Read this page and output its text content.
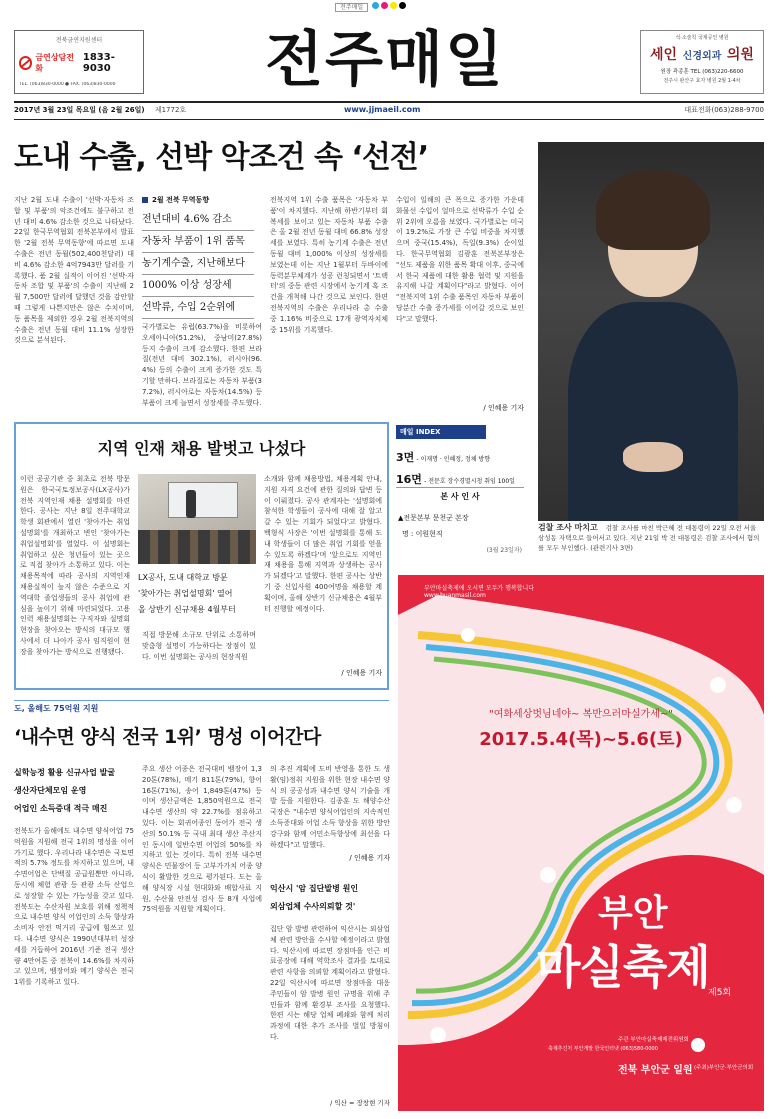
전주매일
전북금연지원센터
금연상담전화
1833-9030
TEL. (063)830-0000 ● FAX. (063)830-0000	전주매일	석·소술칙 국제공인 병원
세인 신경외과 의원
원장 곽종훈 TEL (063)220-6600
전주시 완산구 효자 병원 2월 1·4차
2017년 3월 23일 목요일 (음 2월 26일) 제1772호	www.jjmaeil.com	대표전화(063)288-9700
도내 수출, 선박 악조건 속 ‘선전’
지난 2월 도내 수출이 '선박·자동차 조합 및 부품'의 악조건에도 불구하고 전년 대비 4.6% 감소한 것으로 나타났다. 22일 한국무역협회 전북본부에서 발표한 '2월 전북 무역동향'에 따르면 도내 수출은 전년 동월(502,400천달러) 대비 4.6% 감소한 4억7943만 달러를 기록했다. 품 2월 실적이 이어진 '선박·자동차 조합 및 부품'의 수출이 지난해 2월 7,500만 달러에 달했던 것을 감안할 때 그렇게 나쁜지만은 않은 수치이며, 동 품목을 제외한 경우 2월 전북지역의 수출은 전년 동월 대비 11.1% 성장한 것으로 분석된다.
2월 전북 무역동향
전년대비 4.6% 감소
자동차 부품이 1위 품목
농기계수출, 지난해보다
1000% 이상 성장세
선박류, 수입 2순위에
국가별로는 유럽(63.7%)을 비롯하여 오세아니아(51.2%), 중남미(27.8%) 등지 수출이 크게 감소했다. 한편 브라질(전년 대비 302.1%), 러시아(96.4%) 등의 수출이 크게 증가한 것도 특기할 만하다. 브라질로는 자동차 부품(37.2%), 러시아로는 자동차(14.5%) 등 부품이 크게 늘면서 성장세를 주도했다.
전북지역 1위 수출 품목은 '자동차 부품'이 차지했다. 지난해 하반기부터 회복세를 보이고 있는 자동차 부품 수출은 올 2월 전년 동월 대비 66.8% 성장세를 보였다. 특히 농기계 수출은 전년 동월 대비 1,000% 이상의 성장세를 보였는데 이는 지난 1월부터 두바이에 동력분무체계가 성공 런칭되면서 '트랙터'의 중동 관련 시장에서 농기계 혹 조건을 개척해 나간 것으로 보인다. 한편 전북지역의 수출은 우리나라 총 수출 중 1.16% 비중으로 17개 광역자치체 중 15위를 기록했다.
수입이 일해의 큰 폭으로 증가한 가운데 화물선 수입이 얼마으로 선박류가 수입 순위 2위에 오름을 보였다. 국가별로는 미국이 19.2%로 가장 큰 수입 비중을 차지했으며 중국(15.4%), 독일(9.3%) 순이었다. 한국무역협회 김광훈 전북본부장은 "선도 제품을 위한 품목 확대 이후, 중국에서 한국 제품에 대한 활용 협력 및 지원을 유지해 나갈 계획이다"라고 밝혔다. 이어 "전북지역 1위 수출 품목인 자동차 부품이 당분간 수출 증가세를 이어갈 것으로 보인다"고 말했다.
/ 인혜용 기자
검찰 조사 마치고 검찰 조사를 마친 박근혜 전 대통령이 22일 오전 서울 삼성동 자택으로 들어서고 있다. 지난 21일 박 전 대통령은 검찰 조사에서 혐의를 모두 부인했다. (관련기사 3면)
지역 인재 채용 발벗고 나섰다
이런 공공기관 중 최초로 전북 방문 원은 한국국토정보공사(LX공사)가 전북 지역인재 채용 설명회를 마련한다. 공사는 지난 8일 전주대학교 학생 회관에서 열린 '찾아가는 취업설명회'를 개최하고 변인 '찾아가는 취업설명회'를 열었다. 이 설명회는 취업하고 싶은 청년들이 있는 곳으로 직접 찾아가 소통하고 있다. 이는 채용목적에 따라 공사의 지역인재 채용실적이 높지 않은 수준으로 지역대학 졸업생들의 공사 취업에 관심을 높이기 위해 마련되었다. 고용인력 채용설명회는 구직자와 설명회 현장을 찾아오는 방식의 대규모 행사에서 더 나아가 공사 임직원이 현장을 찾아가는 방식으로 진행됐다.
LX공사, 도내 대학교 방문
'찾아가는 취업설명회' 열어
올 상반기 신규채용 4월부터
직접 방문해 소규모 단위로 소통하며 맞춤형 설명이 가능하다는 장점이 있다. 이번 설명회는 공사의 현장직원
소개와 함께 채용방법, 채용계획 안내, 지원 자격 요건에 관한 질의와 답변 등이 이뤄졌다. 공사 관계자는 '설명회에 참석한 학생들이 공사에 대해 잘 알고 갈 수 있는 기회가 되었다'고 밝혔다. 백형식 사장은 '이번 설명회를 통해 도내 학생들이 더 많은 취업 기회를 얻을 수 있도록 하겠다'며 '앞으로도 지역인재 채용을 통해 지역과 상생하는 공사가 되겠다'고 말했다. 한편 공사는 상반기 중 신입사원 400여명을 채용할 계획이며, 올해 상반기 신규채용은 4월부터 진행할 예정이다.
/ 인혜용 기자
매일 INDEX
3면 - 이재명 · 인혜정, 정체 방향
16면 - 전문호 장수경멸시청 취임 100일
본 사 인 사
▲전문본부 문천군 본장
명 : 이원현직
(3월 23일자)
도, 올해도 75억원 지원
‘내수면 양식 전국 1위’ 명성 이어간다
실학능정 활용 신규사업 발굴
생산자단체모임 운영
어업인 소득증대 적극 매진
전북도가 올해에도 내수면 양식어업 75억원을 지원해 전국 1위의 명성을 이어가기로 했다. 우리나라 내수면은 국토면적의 5.7% 정도를 차지하고 있으며, 내수면어업은 단백질 공급원뿐만 아니라, 동시에 체험 관광 등 관광 소득 산업으로 성장할 수 있는 가능성을 갖고 있다. 전북도는 수산자원 보호를 위해 정책적으로 내수면 양식 어업인의 소득 향상과 소비자 안전 먹거리 공급에 힘쓰고 있다. 내수면 양식은 1990년대부터 성장세를 거듭하여 2016년 기준 전국 생산량 4만여톤 중 전북이 14.6%를 차지하고 있으며, 뱀장어와 메기 양식은 전국 1위를 기록하고 있다.
주요 생산 어종은 전국대비 뱀장어 1,320톤(78%), 메기 811톤(79%), 향어 16톤(71%), 송어 1,849톤(47%) 등이며 생산금액은 1,850억원으로 전국 내수면 생산의 약 22.7%를 점유하고 있다. 이는 회귀어종인 동어가 전국 생산의 50.1% 등 국내 최대 생산 주산지인 동시에 일반수면 어업의 50%를 차지하고 있는 것이다. 특히 전북 내수면 양식은 민물장어 등 고부가가치 어종 양식이 활발한 것으로 평가된다. 도는 올해 양식장 시설 현대화와 배합사료 지원, 수산물 안전성 검사 등 8개 사업에 75억원을 지원할 계획이다.
의 추진 계획에 도비 반영을 통한 도 생활(임)정취 지원을 위한 현장 내수면 양식 의 공공성과 내수면 양식 기술을 개발 등을 지원한다. 김종훈 도 해양수산국장은 "내수면 양식어업인의 지속적인 소득증대와 어업 소득 향상을 위한 방안 강구와 함께 어민소득향상에 최선을 다하겠다"고 말했다.
/ 인혜용 기자
익산시 '암 집단발병 원인
외삼업체 수사의뢰할 것'
집단 암 발병 관련하여 익산시는 외삼업체 관련 방안을 수사할 예정이라고 밝혔다. 익산시에 따르면 장점마을 인근 비료공장에 대해 역학조사 결과를 토대로 관련 사항을 의뢰할 계획이라고 밝혔다. 22일 익산시에 따르면 장점마을 대응 주민들이 암 발병 원인 규명을 위해 주민들과 함께 환경부 조사를 요청했다. 한편 시는 해당 업체 폐쇄와 함께 처리 과정에 대한 추가 조사를 벌일 방침이다.
/ 익산 = 장창현 기자
부안마실축제에 오시면 모두가 행복합니다
www.buanmasil.com
"여화세상벗님네야~ 복반으러마실가세~"
2017.5.4(목)~5.6(토)
부안
마실축제
제5회
주관 부안마실축제제전위원회
축제추진처 부안개발 한국인터넷 (063)580-0000
전북 부안군 일원 (주최)부안군·부안군의회
